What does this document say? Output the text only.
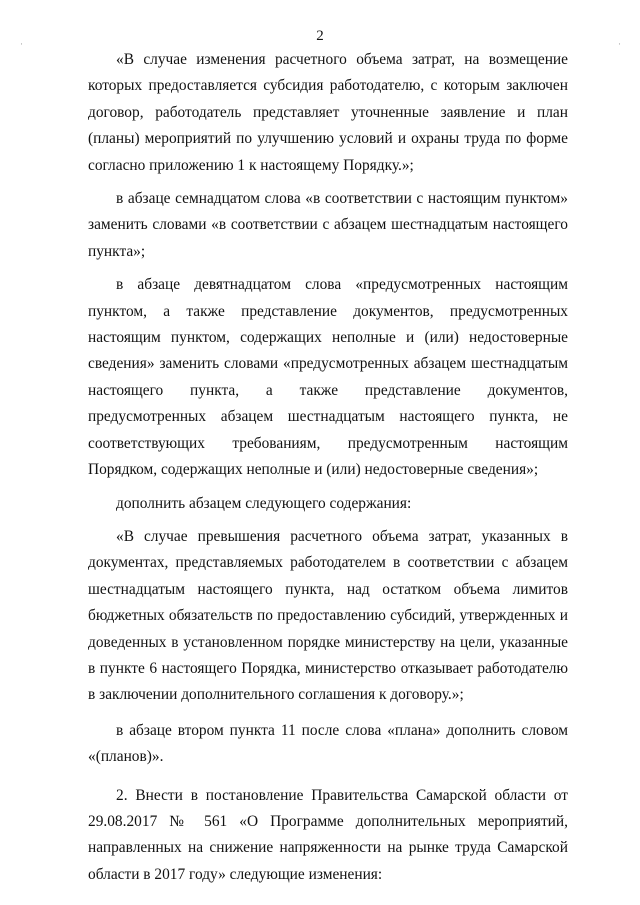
·	·
2

«В случае изменения расчетного объема затрат, на возмещение которых предоставляется субсидия работодателю, с которым заключен договор, работодатель представляет уточненные заявление и план (планы) мероприятий по улучшению условий и охраны труда по форме согласно приложению 1 к настоящему Порядку.»;

в абзаце семнадцатом слова «в соответствии с настоящим пунктом» заменить словами «в соответствии с абзацем шестнадцатым настоящего пункта»;

в абзаце девятнадцатом слова «предусмотренных настоящим пунктом, а также представление документов, предусмотренных настоящим пунктом, содержащих неполные и (или) недостоверные сведения» заменить словами «предусмотренных абзацем шестнадцатым настоящего пункта, а также представление документов, предусмотренных абзацем шестнадцатым настоящего пункта, не соответствующих требованиям, предусмотренным настоящим Порядком, содержащих неполные и (или) недостоверные сведения»;

дополнить абзацем следующего содержания:

«В случае превышения расчетного объема затрат, указанных в документах, представляемых работодателем в соответствии с абзацем шестнадцатым настоящего пункта, над остатком объема лимитов бюджетных обязательств по предоставлению субсидий, утвержденных и доведенных в установленном порядке министерству на цели, указанные в пункте 6 настоящего Порядка, министерство отказывает работодателю в заключении дополнительного соглашения к договору.»;

в абзаце втором пункта 11 после слова «плана» дополнить словом «(планов)».

2. Внести в постановление Правительства Самарской области от 29.08.2017 № 561 «О Программе дополнительных мероприятий, направленных на снижение напряженности на рынке труда Самарской области в 2017 году» следующие изменения:
